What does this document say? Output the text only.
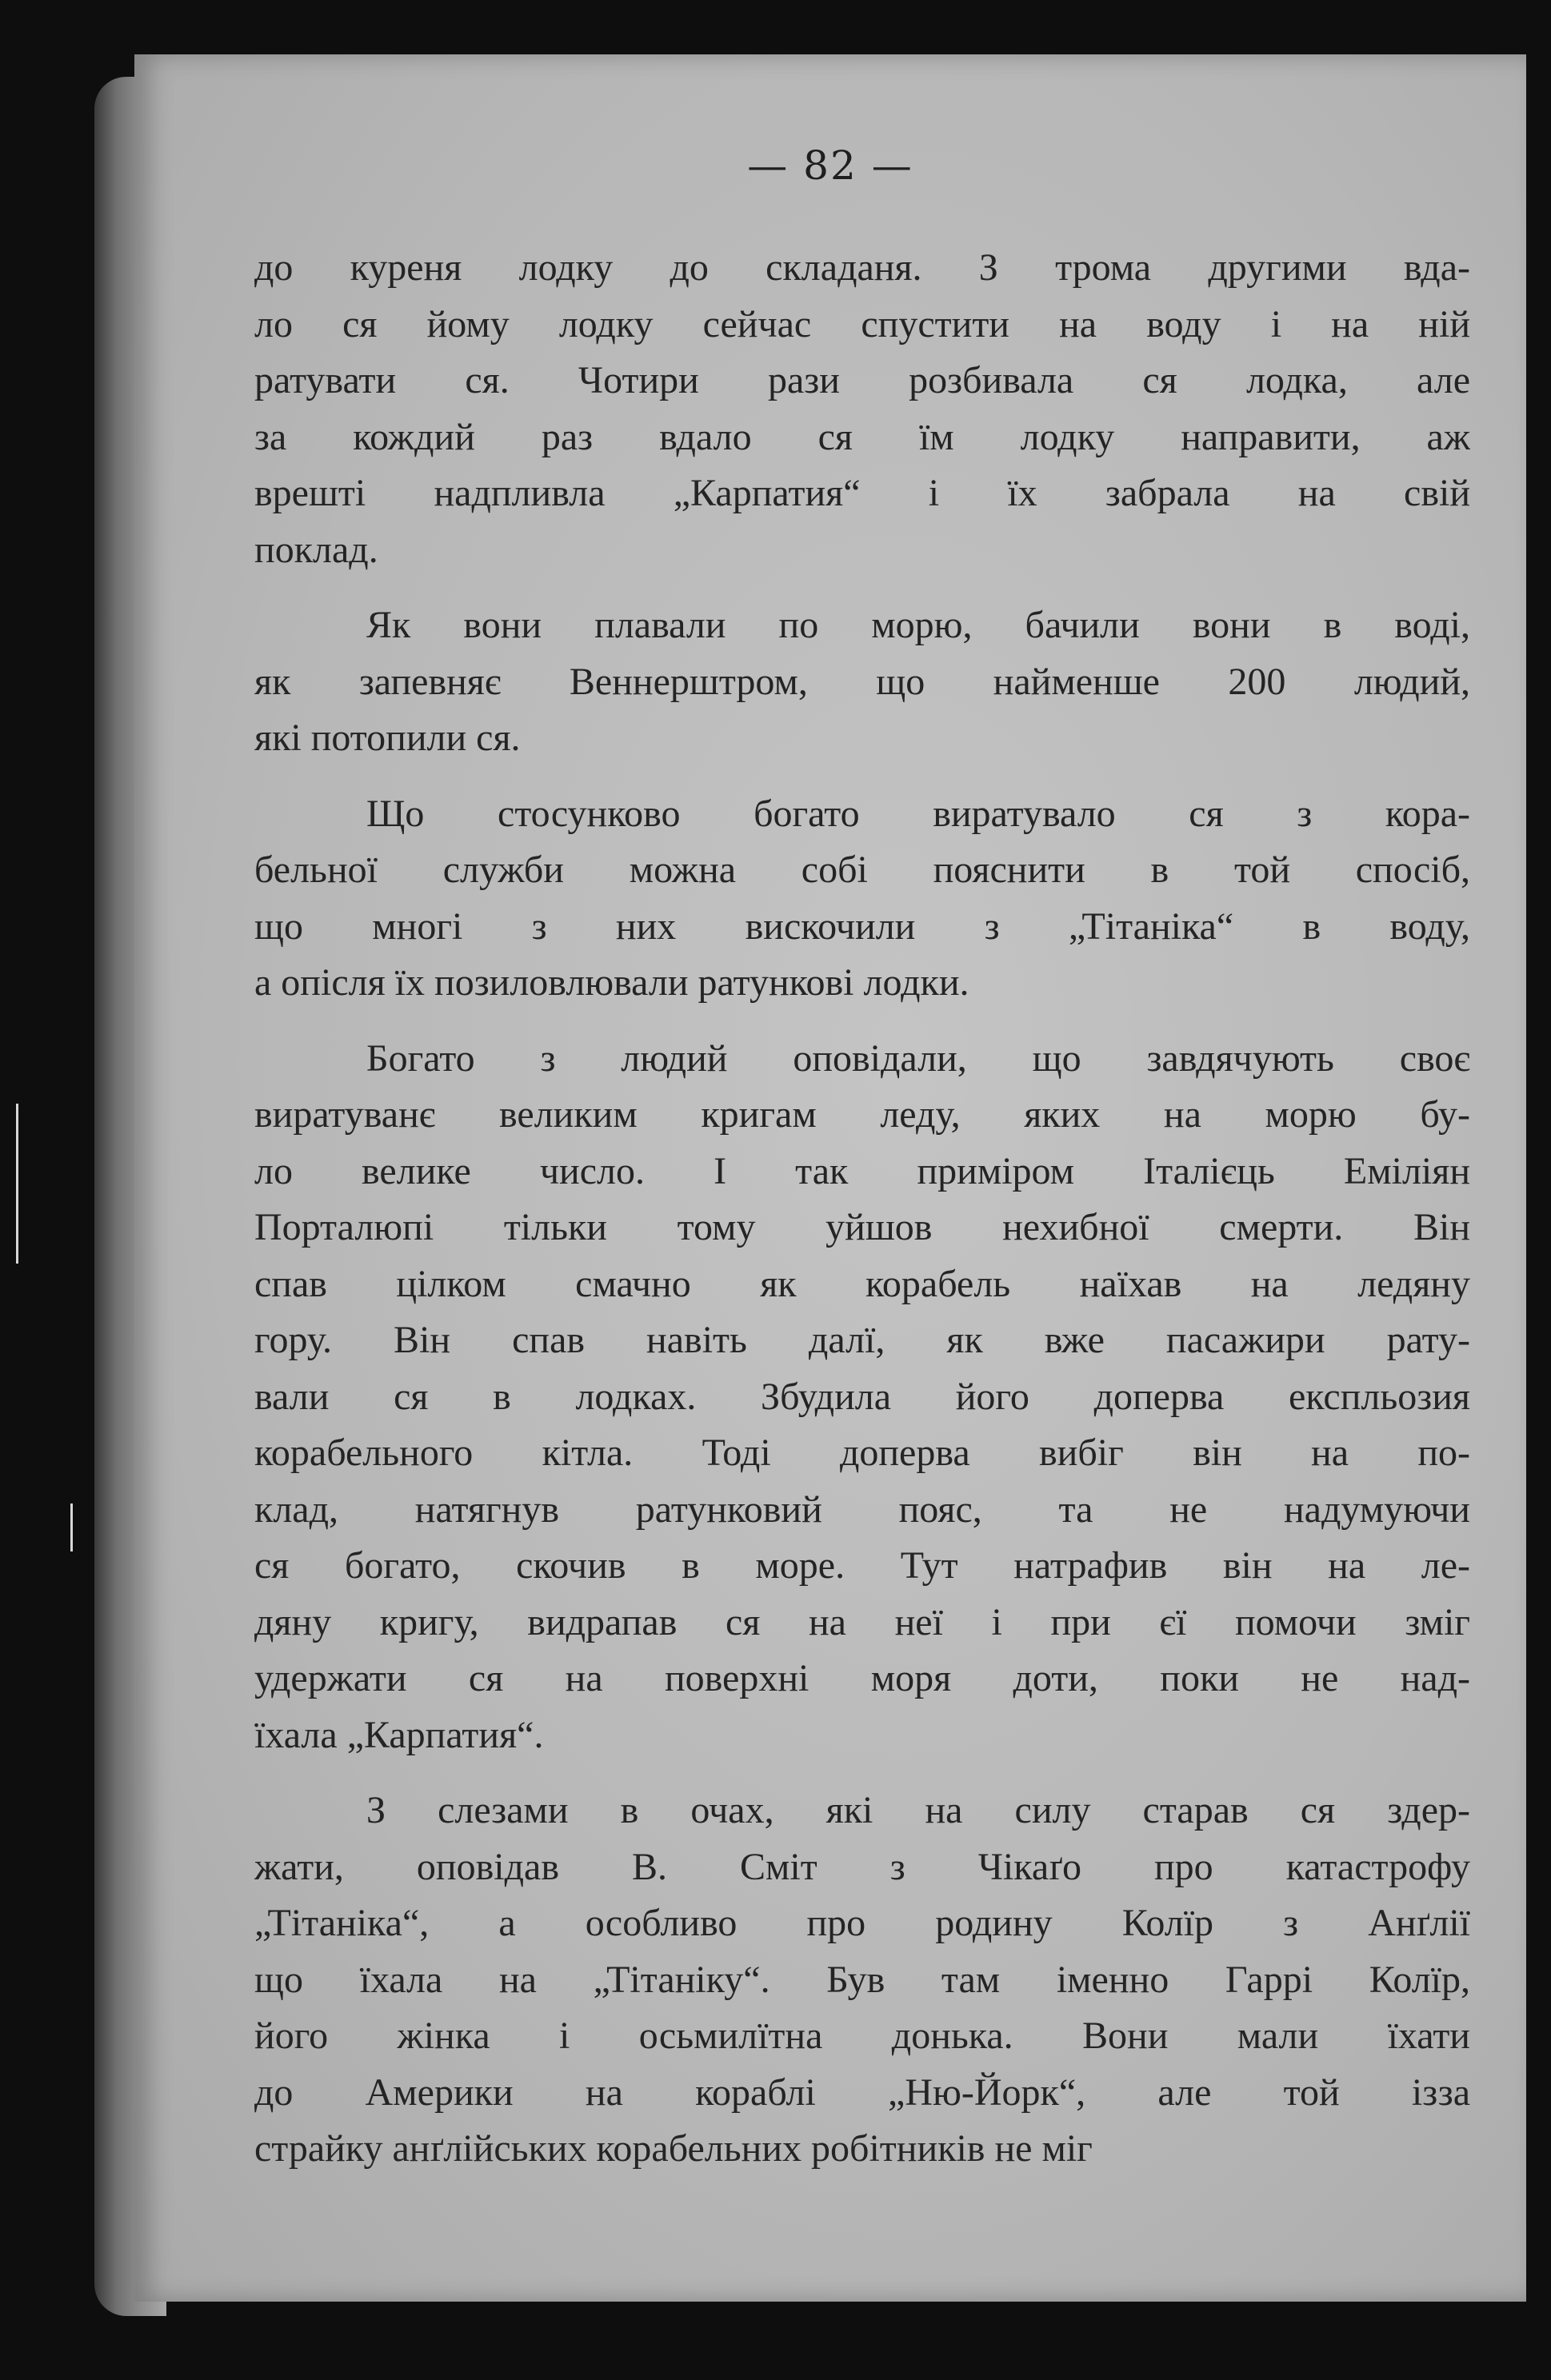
— 82 —
до куреня лодку до складаня. З трома другими вда-
ло ся йому лодку сейчас спустити на воду і на ній
ратувати ся. Чотири рази розбивала ся лодка, але
за кождий раз вдало ся їм лодку направити, аж
врешті надпливла „Карпатия“ і їх забрала на свій
поклад.
Як вони плавали по морю, бачили вони в воді,
як запевняє Веннерштром, що найменше 200 людий,
які потопили ся.
Що стосунково богато виратувало ся з кора-
бельної служби можна собі пояснити в той спосіб,
що многі з них вискочили з „Тітаніка“ в воду,
а опісля їх позиловлювали ратункові лодки.
Богато з людий оповідали, що завдячують своє
виратуванє великим кригам леду, яких на морю бу-
ло велике число. І так приміром Італієць Еміліян
Порталюпі тільки тому уйшов нехибної смерти. Він
спав цілком смачно як корабель наїхав на ледяну
гору. Він спав навіть далї, як вже пасажири рату-
вали ся в лодках. Збудила його доперва експльозия
корабельного кітла. Тоді доперва вибіг він на по-
клад, натягнув ратунковий пояс, та не надумуючи
ся богато, скочив в море. Тут натрафив він на ле-
дяну кригу, видрапав ся на неї і при єї помочи зміг
удержати ся на поверхні моря доти, поки не над-
їхала „Карпатия“.
З слезами в очах, які на силу старав ся здер-
жати, оповідав В. Сміт з Чікаґо про катастрофу
„Тітаніка“, а особливо про родину Колїр з Анґлії
що їхала на „Тітаніку“. Був там іменно Гаррі Колїр,
його жінка і осьмилїтна донька. Вони мали їхати
до Америки на кораблі „Ню-Йорк“, але той ізза
страйку анґлійських корабельних робітників не міг
